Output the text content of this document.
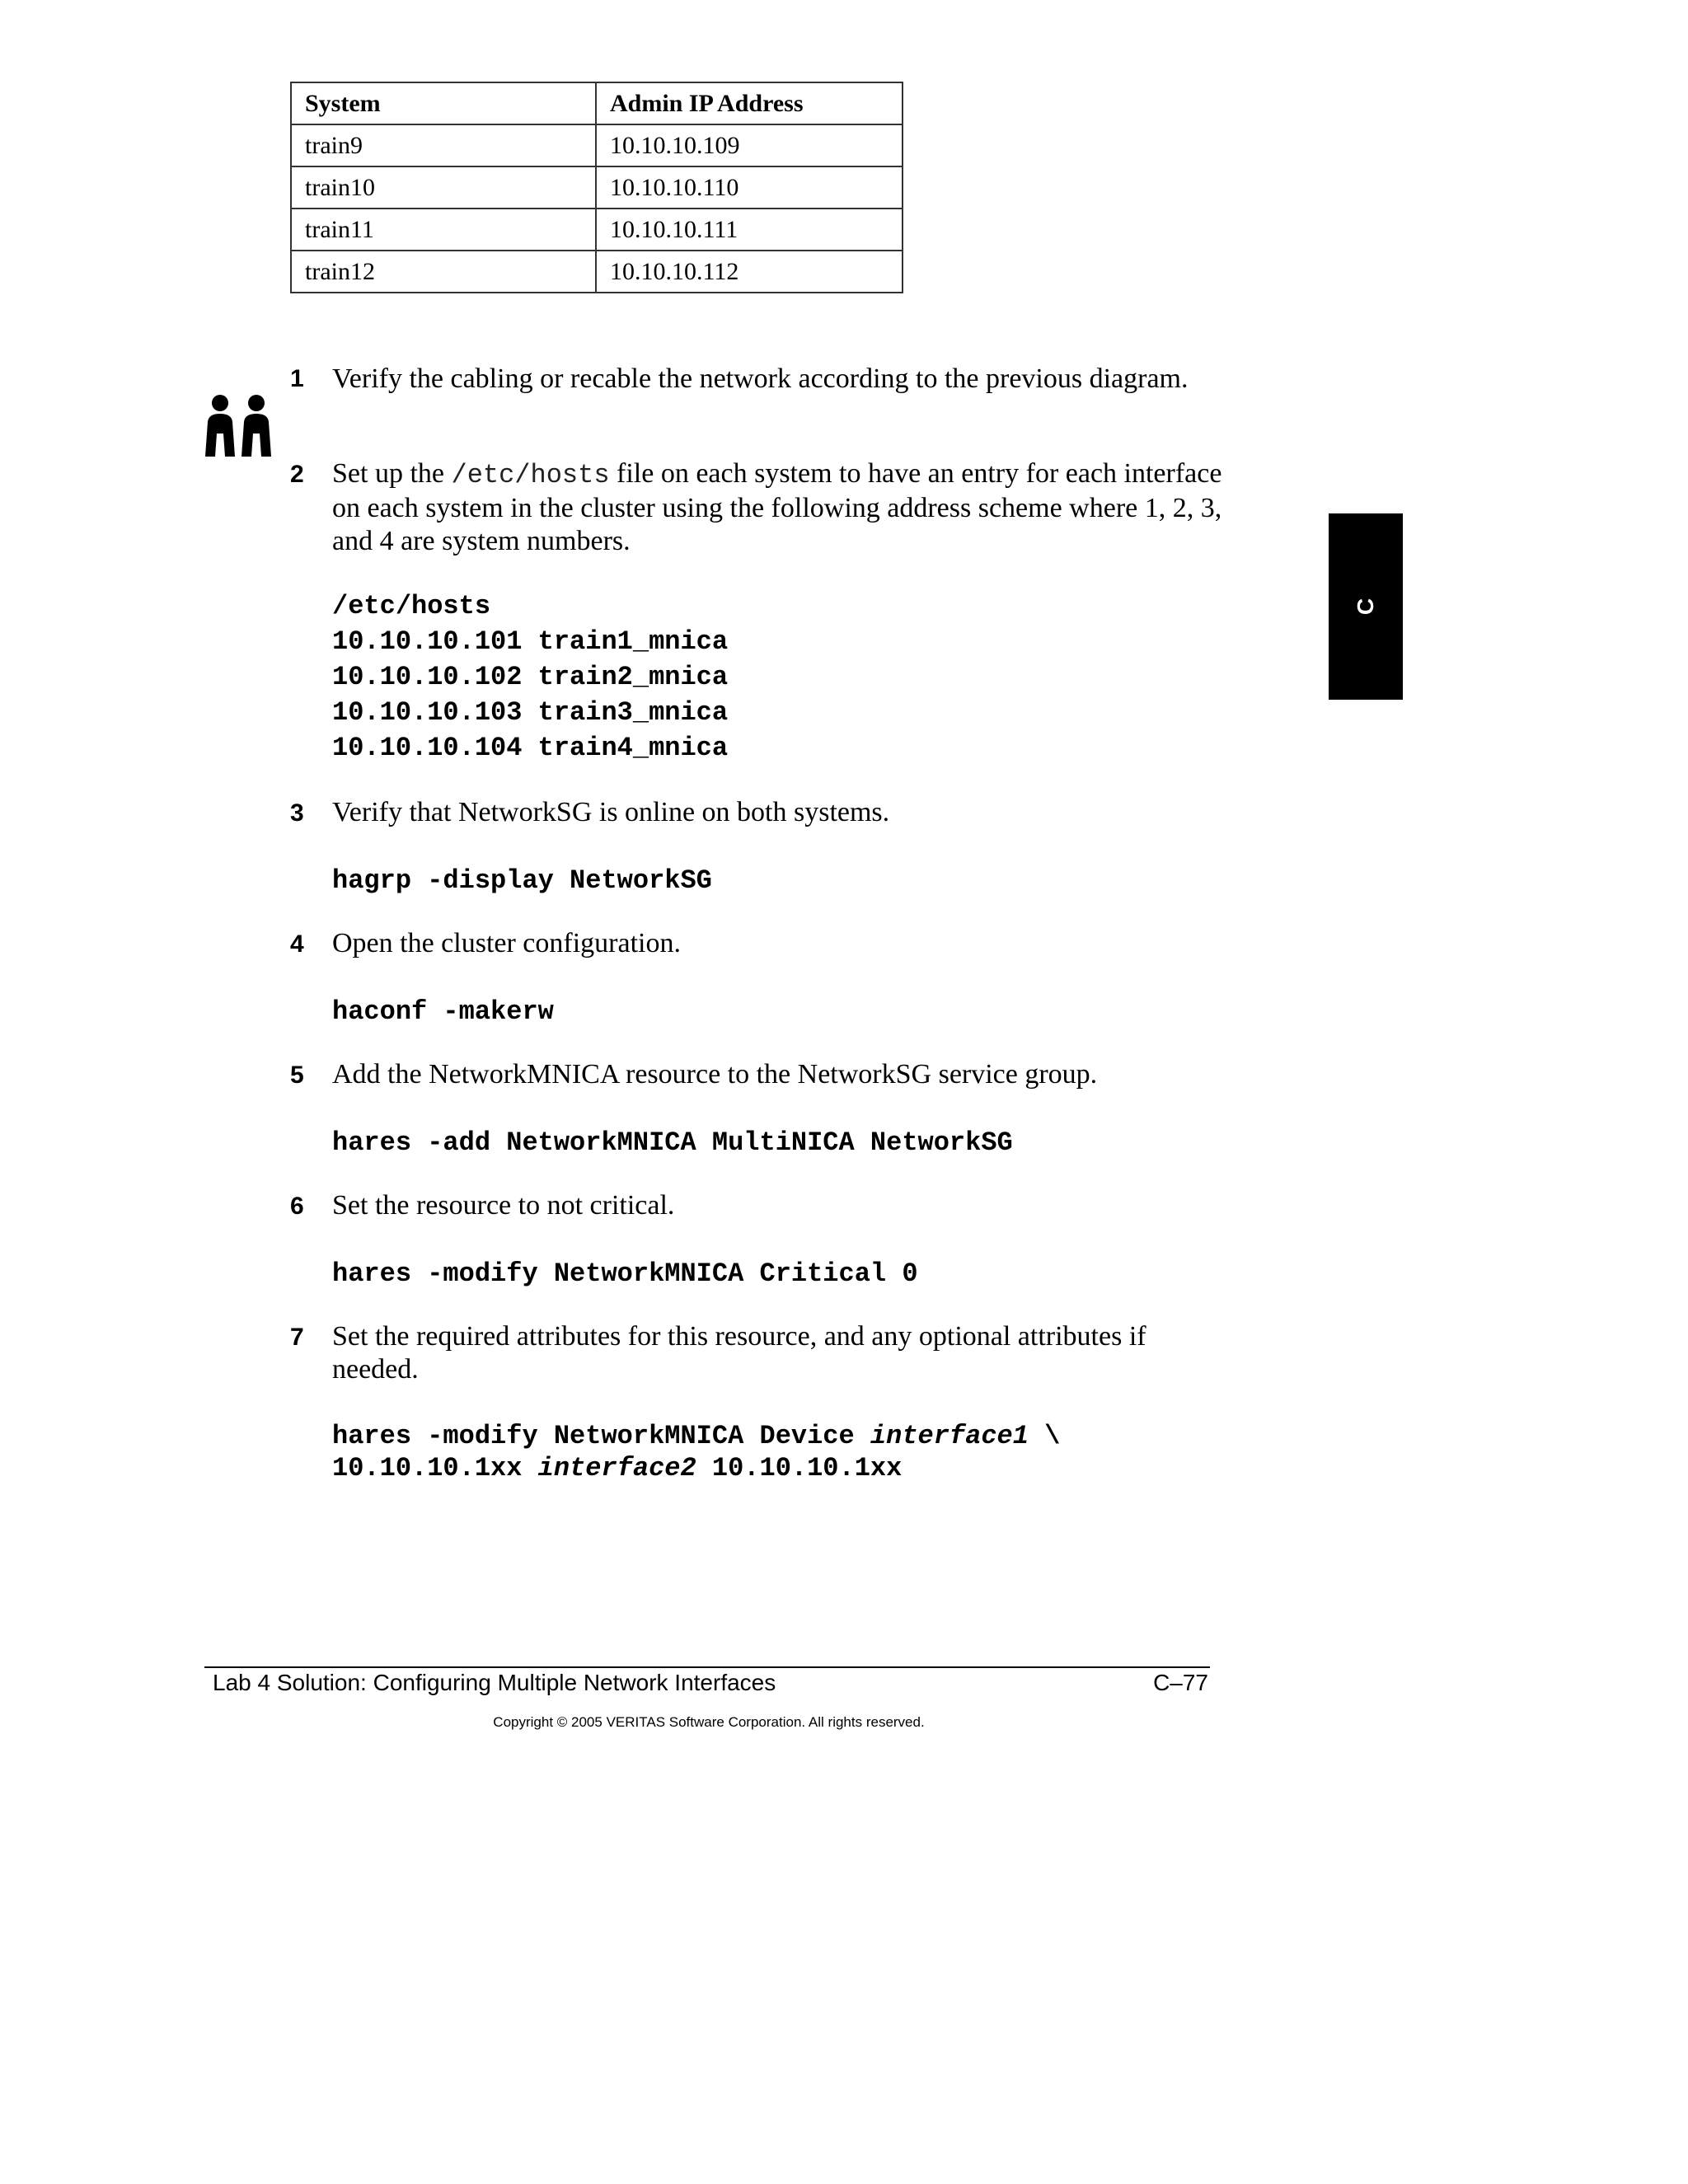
System	Admin IP Address
train9	10.10.10.109
train10	10.10.10.110
train11	10.10.10.111
train12	10.10.10.112
1 Verify the cabling or recable the network according to the previous diagram.
2 Set up the /etc/hosts file on each system to have an entry for each interface on each system in the cluster using the following address scheme where 1, 2, 3, and 4 are system numbers.
/etc/hosts
10.10.10.101 train1_mnica
10.10.10.102 train2_mnica
10.10.10.103 train3_mnica
10.10.10.104 train4_mnica
3 Verify that NetworkSG is online on both systems.
hagrp -display NetworkSG
4 Open the cluster configuration.
haconf -makerw
5 Add the NetworkMNICA resource to the NetworkSG service group.
hares -add NetworkMNICA MultiNICA NetworkSG
6 Set the resource to not critical.
hares -modify NetworkMNICA Critical 0
7 Set the required attributes for this resource, and any optional attributes if needed.
hares -modify NetworkMNICA Device interface1 \
10.10.10.1xx interface2 10.10.10.1xx
C
Lab 4 Solution: Configuring Multiple Network Interfaces	C–77
Copyright © 2005 VERITAS Software Corporation. All rights reserved.
